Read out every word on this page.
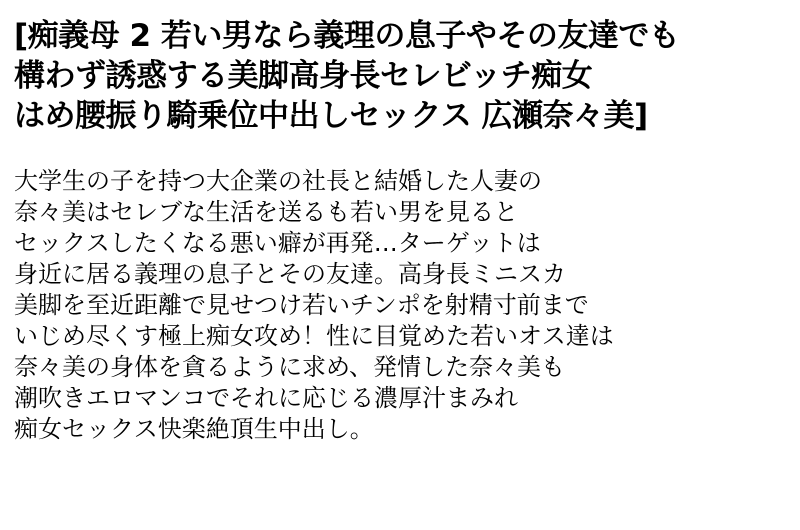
[痴義母 2 若い男なら義理の息子やその友達でも
構わず誘惑する美脚高身長セレビッチ痴女
はめ腰振り騎乗位中出しセックス 広瀬奈々美]
大学生の子を持つ大企業の社長と結婚した人妻の
奈々美はセレブな生活を送るも若い男を見ると
セックスしたくなる悪い癖が再発…ターゲットは
身近に居る義理の息子とその友達。高身長ミニスカ
美脚を至近距離で見せつけ若いチンポを射精寸前まで
いじめ尽くす極上痴女攻め！性に目覚めた若いオス達は
奈々美の身体を貪るように求め、発情した奈々美も
潮吹きエロマンコでそれに応じる濃厚汁まみれ
痴女セックス快楽絶頂生中出し。
